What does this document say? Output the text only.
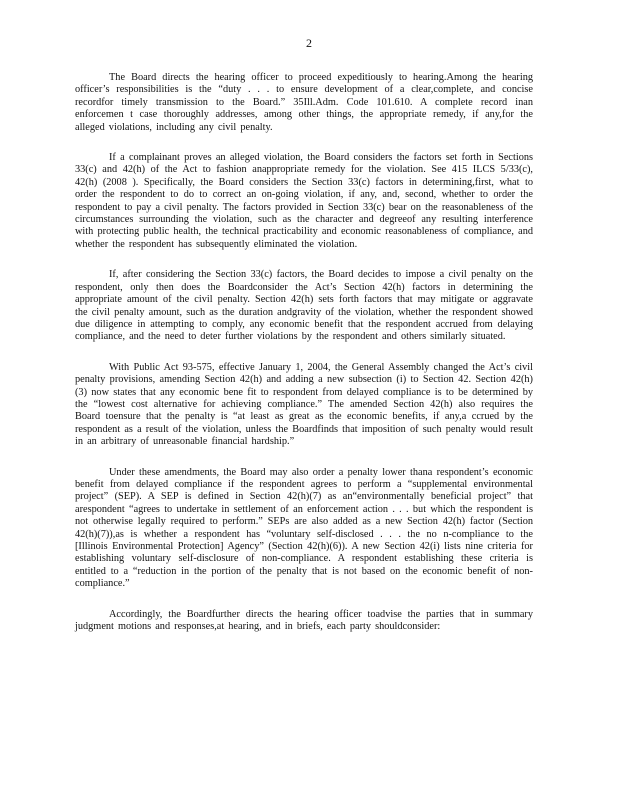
2

The Board directs the hearing officer to proceed expeditiously to hearing.Among the hearing officer’s responsibilities is the “duty . . . to ensure development of a clear,complete, and concise recordfor timely transmission to the Board.” 35Ill.Adm. Code 101.610. A complete record inan enforcemen t case thoroughly addresses, among other things, the appropriate remedy, if any,for the alleged violations, including any civil penalty.

If a complainant proves an alleged violation, the Board considers the factors set forth in Sections 33(c) and 42(h) of the Act to fashion anappropriate remedy for the violation. See 415 ILCS 5/33(c), 42(h) (2008 ). Specifically, the Board considers the Section 33(c) factors in determining,first, what to order the respondent to do to correct an on-going violation, if any, and, second, whether to order the respondent to pay a civil penalty. The factors provided in Section 33(c) bear on the reasonableness of the circumstances surrounding the violation, such as the character and degreeof any resulting interference with protecting public health, the technical practicability and economic reasonableness of compliance, and whether the respondent has subsequently eliminated the violation.

If, after considering the Section 33(c) factors, the Board decides to impose a civil penalty on the respondent, only then does the Boardconsider the Act’s Section 42(h) factors in determining the appropriate amount of the civil penalty. Section 42(h) sets forth factors that may mitigate or aggravate the civil penalty amount, such as the duration andgravity of the violation, whether the respondent showed due diligence in attempting to comply, any economic benefit that the respondent accrued from delaying compliance, and the need to deter further violations by the respondent and others similarly situated.

With Public Act 93-575, effective January 1, 2004, the General Assembly changed the Act’s civil penalty provisions, amending Section 42(h) and adding a new subsection (i) to Section 42. Section 42(h)(3) now states that any economic bene fit to respondent from delayed compliance is to be determined by the “lowest cost alternative for achieving compliance.” The amended Section 42(h) also requires the Board toensure that the penalty is “at least as great as the economic benefits, if any,a ccrued by the respondent as a result of the violation, unless the Boardfinds that imposition of such penalty would result in an arbitrary of unreasonable financial hardship.”

Under these amendments, the Board may also order a penalty lower thana respondent’s economic benefit from delayed compliance if the respondent agrees to perform a “supplemental environmental project” (SEP). A SEP is defined in Section 42(h)(7) as an“environmentally beneficial project” that arespondent “agrees to undertake in settlement of an enforcement action . . . but which the respondent is not otherwise legally required to perform.” SEPs are also added as a new Section 42(h) factor (Section 42(h)(7)),as is whether a respondent has “voluntary self-disclosed . . . the no n-compliance to the [Illinois Environmental Protection] Agency” (Section 42(h)(6)). A new Section 42(i) lists nine criteria for establishing voluntary self-disclosure of non-compliance. A respondent establishing these criteria is entitled to a “reduction in the portion of the penalty that is not based on the economic benefit of non-compliance.”

Accordingly, the Boardfurther directs the hearing officer toadvise the parties that in summary judgment motions and responses,at hearing, and in briefs, each party shouldconsider:
